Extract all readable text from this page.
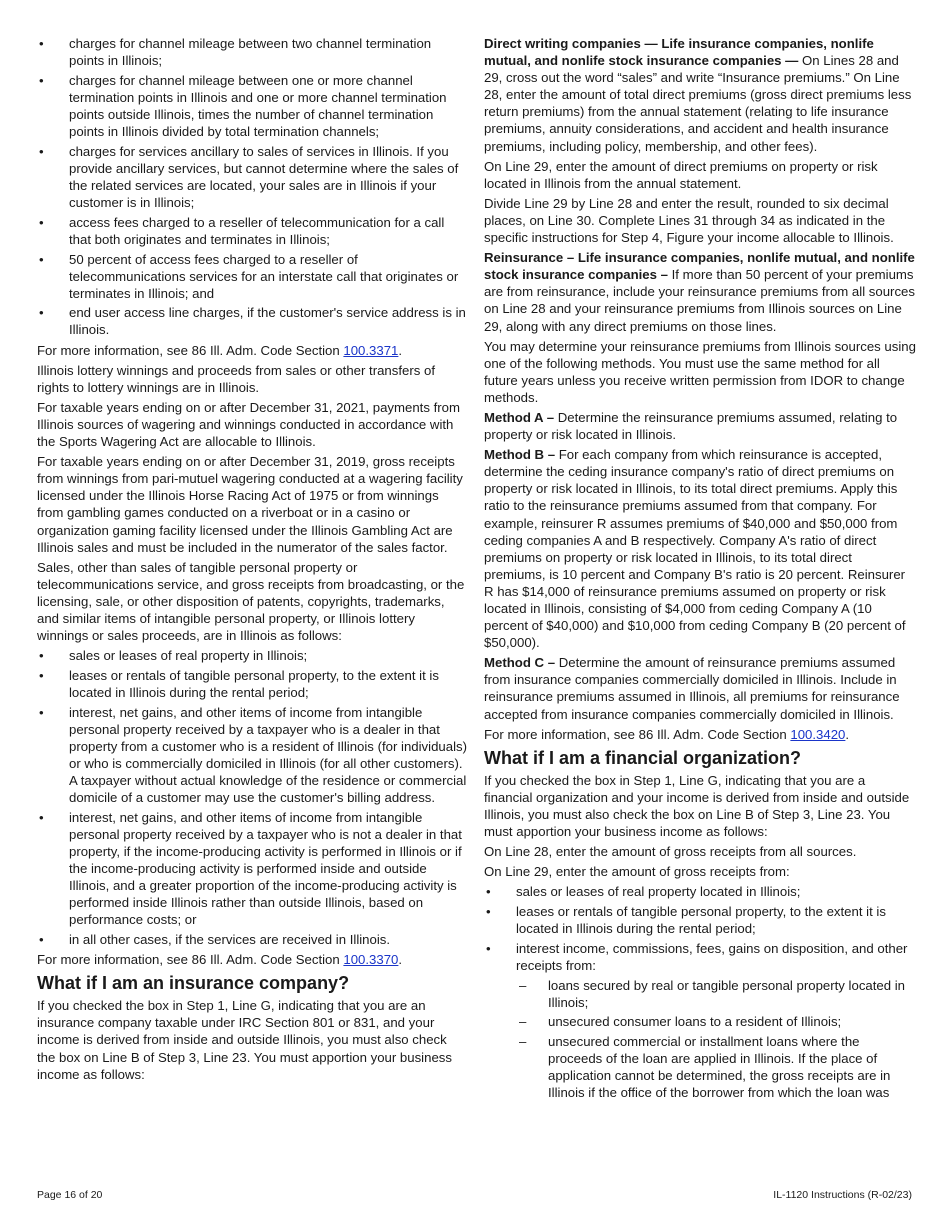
• charges for channel mileage between two channel termination points in Illinois;
• charges for channel mileage between one or more channel termination points in Illinois and one or more channel termination points outside Illinois, times the number of channel termination points in Illinois divided by total termination channels;
• charges for services ancillary to sales of services in Illinois. If you provide ancillary services, but cannot determine where the sales of the related services are located, your sales are in Illinois if your customer is in Illinois;
• access fees charged to a reseller of telecommunication for a call that both originates and terminates in Illinois;
• 50 percent of access fees charged to a reseller of telecommunications services for an interstate call that originates or terminates in Illinois; and
• end user access line charges, if the customer's service address is in Illinois.

For more information, see 86 Ill. Adm. Code Section 100.3371.

Illinois lottery winnings and proceeds from sales or other transfers of rights to lottery winnings are in Illinois.

For taxable years ending on or after December 31, 2021, payments from Illinois sources of wagering and winnings conducted in accordance with the Sports Wagering Act are allocable to Illinois.

For taxable years ending on or after December 31, 2019, gross receipts from winnings from pari-mutuel wagering conducted at a wagering facility licensed under the Illinois Horse Racing Act of 1975 or from winnings from gambling games conducted on a riverboat or in a casino or organization gaming facility licensed under the Illinois Gambling Act are Illinois sales and must be included in the numerator of the sales factor.

Sales, other than sales of tangible personal property or telecommunications service, and gross receipts from broadcasting, or the licensing, sale, or other disposition of patents, copyrights, trademarks, and similar items of intangible personal property, or Illinois lottery winnings or sales proceeds, are in Illinois as follows:

• sales or leases of real property in Illinois;
• leases or rentals of tangible personal property, to the extent it is located in Illinois during the rental period;
• interest, net gains, and other items of income from intangible personal property received by a taxpayer who is a dealer in that property from a customer who is a resident of Illinois (for individuals) or who is commercially domiciled in Illinois (for all other customers). A taxpayer without actual knowledge of the residence or commercial domicile of a customer may use the customer's billing address.
• interest, net gains, and other items of income from intangible personal property received by a taxpayer who is not a dealer in that property, if the income-producing activity is performed in Illinois or if the income-producing activity is performed inside and outside Illinois, and a greater proportion of the income-producing activity is performed inside Illinois rather than outside Illinois, based on performance costs; or
• in all other cases, if the services are received in Illinois.

For more information, see 86 Ill. Adm. Code Section 100.3370.

What if I am an insurance company?

If you checked the box in Step 1, Line G, indicating that you are an insurance company taxable under IRC Section 801 or 831, and your income is derived from inside and outside Illinois, you must also check the box on Line B of Step 3, Line 23. You must apportion your business income as follows:

Direct writing companies — Life insurance companies, nonlife mutual, and nonlife stock insurance companies — On Lines 28 and 29, cross out the word “sales” and write “Insurance premiums.” On Line 28, enter the amount of total direct premiums (gross direct premiums less return premiums) from the annual statement (relating to life insurance premiums, annuity considerations, and accident and health insurance premiums, including policy, membership, and other fees).

On Line 29, enter the amount of direct premiums on property or risk located in Illinois from the annual statement.

Divide Line 29 by Line 28 and enter the result, rounded to six decimal places, on Line 30. Complete Lines 31 through 34 as indicated in the specific instructions for Step 4, Figure your income allocable to Illinois.

Reinsurance – Life insurance companies, nonlife mutual, and nonlife stock insurance companies – If more than 50 percent of your premiums are from reinsurance, include your reinsurance premiums from all sources on Line 28 and your reinsurance premiums from Illinois sources on Line 29, along with any direct premiums on those lines.

You may determine your reinsurance premiums from Illinois sources using one of the following methods. You must use the same method for all future years unless you receive written permission from IDOR to change methods.

Method A – Determine the reinsurance premiums assumed, relating to property or risk located in Illinois.

Method B – For each company from which reinsurance is accepted, determine the ceding insurance company's ratio of direct premiums on property or risk located in Illinois, to its total direct premiums. Apply this ratio to the reinsurance premiums assumed from that company. For example, reinsurer R assumes premiums of $40,000 and $50,000 from ceding companies A and B respectively. Company A's ratio of direct premiums on property or risk located in Illinois, to its total direct premiums, is 10 percent and Company B's ratio is 20 percent. Reinsurer R has $14,000 of reinsurance premiums assumed on property or risk located in Illinois, consisting of $4,000 from ceding Company A (10 percent of $40,000) and $10,000 from ceding Company B (20 percent of $50,000).

Method C – Determine the amount of reinsurance premiums assumed from insurance companies commercially domiciled in Illinois. Include in reinsurance premiums assumed in Illinois, all premiums for reinsurance accepted from insurance companies commercially domiciled in Illinois.

For more information, see 86 Ill. Adm. Code Section 100.3420.

What if I am a financial organization?

If you checked the box in Step 1, Line G, indicating that you are a financial organization and your income is derived from inside and outside Illinois, you must also check the box on Line B of Step 3, Line 23. You must apportion your business income as follows:

On Line 28, enter the amount of gross receipts from all sources.

On Line 29, enter the amount of gross receipts from:

• sales or leases of real property located in Illinois;
• leases or rentals of tangible personal property, to the extent it is located in Illinois during the rental period;
• interest income, commissions, fees, gains on disposition, and other receipts from:
– loans secured by real or tangible personal property located in Illinois;
– unsecured consumer loans to a resident of Illinois;
– unsecured commercial or installment loans where the proceeds of the loan are applied in Illinois. If the place of application cannot be determined, the gross receipts are in Illinois if the office of the borrower from which the loan was
Page 16 of 20	IL-1120 Instructions (R-02/23)
